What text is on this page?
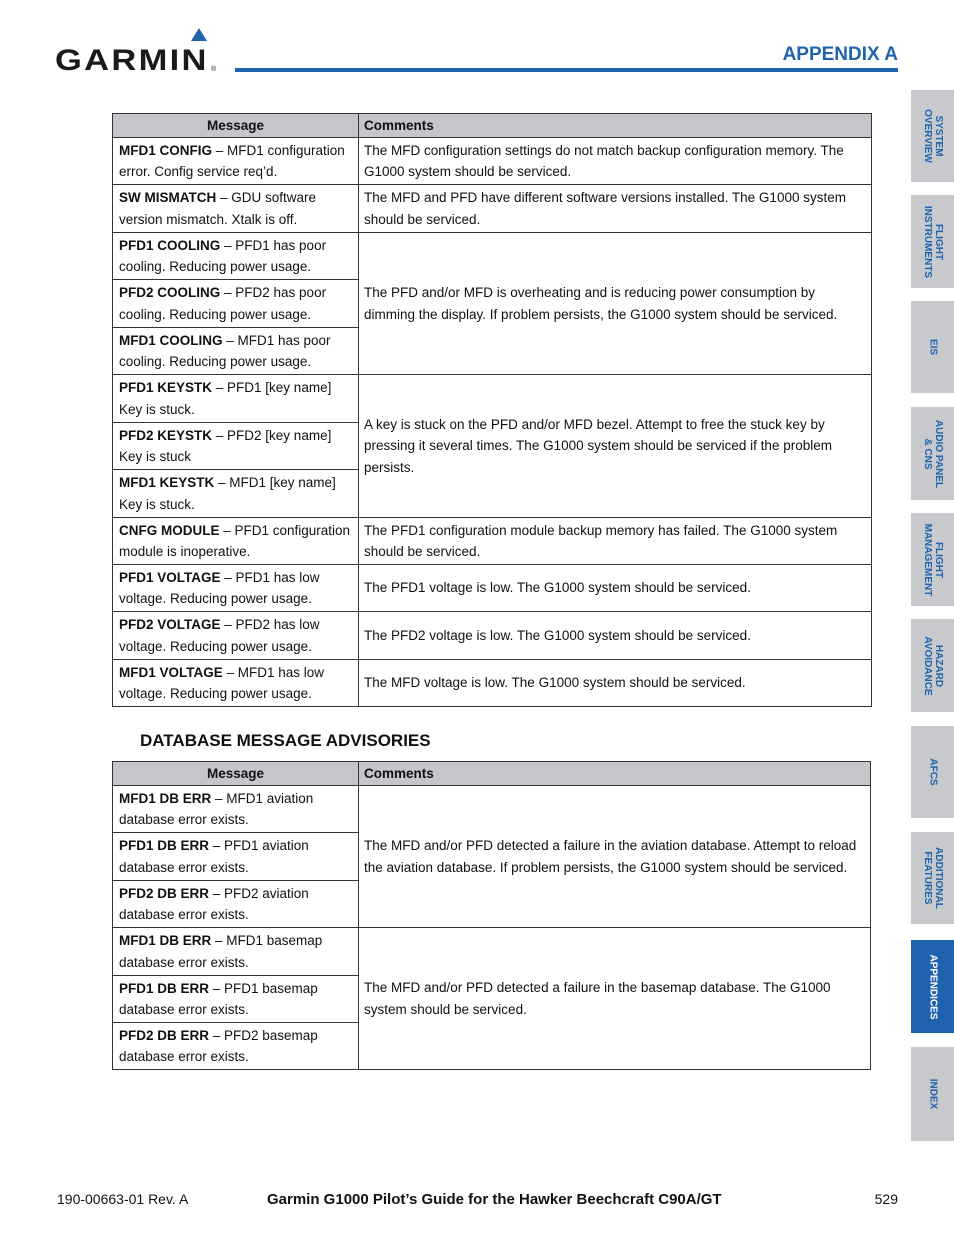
GARMIN ®
APPENDIX A
Message	Comments
MFD1 CONFIG – MFD1 configuration error. Config service req’d.	The MFD configuration settings do not match backup configuration memory. The G1000 system should be serviced.
SW MISMATCH – GDU software version mismatch. Xtalk is off.	The MFD and PFD have different software versions installed. The G1000 system should be serviced.
PFD1 COOLING – PFD1 has poor cooling. Reducing power usage.	The PFD and/or MFD is overheating and is reducing power consumption by dimming the display. If problem persists, the G1000 system should be serviced.
PFD2 COOLING – PFD2 has poor cooling. Reducing power usage.	
MFD1 COOLING – MFD1 has poor cooling. Reducing power usage.	
PFD1 KEYSTK – PFD1 [key name] Key is stuck.	A key is stuck on the PFD and/or MFD bezel. Attempt to free the stuck key by pressing it several times. The G1000 system should be serviced if the problem persists.
PFD2 KEYSTK – PFD2 [key name] Key is stuck	
MFD1 KEYSTK – MFD1 [key name] Key is stuck.	
CNFG MODULE – PFD1 configuration module is inoperative.	The PFD1 configuration module backup memory has failed. The G1000 system should be serviced.
PFD1 VOLTAGE – PFD1 has low voltage. Reducing power usage.	The PFD1 voltage is low. The G1000 system should be serviced.
PFD2 VOLTAGE – PFD2 has low voltage. Reducing power usage.	The PFD2 voltage is low. The G1000 system should be serviced.
MFD1 VOLTAGE – MFD1 has low voltage. Reducing power usage.	The MFD voltage is low. The G1000 system should be serviced.
DATABASE MESSAGE ADVISORIES
Message	Comments
MFD1 DB ERR – MFD1 aviation database error exists.	The MFD and/or PFD detected a failure in the aviation database. Attempt to reload the aviation database. If problem persists, the G1000 system should be serviced.
PFD1 DB ERR – PFD1 aviation database error exists.	
PFD2 DB ERR – PFD2 aviation database error exists.	
MFD1 DB ERR – MFD1 basemap database error exists.	The MFD and/or PFD detected a failure in the basemap database. The G1000 system should be serviced.
PFD1 DB ERR – PFD1 basemap database error exists.	
PFD2 DB ERR – PFD2 basemap database error exists.	
SYSTEM
OVERVIEW
FLIGHT
INSTRUMENTS
EIS
AUDIO PANEL
& CNS
FLIGHT
MANAGEMENT
HAZARD
AVOIDANCE
AFCS
ADDITIONAL
FEATURES
APPENDICES
INDEX
190-00663-01 Rev. A	Garmin G1000 Pilot’s Guide for the Hawker Beechcraft C90A/GT	529
